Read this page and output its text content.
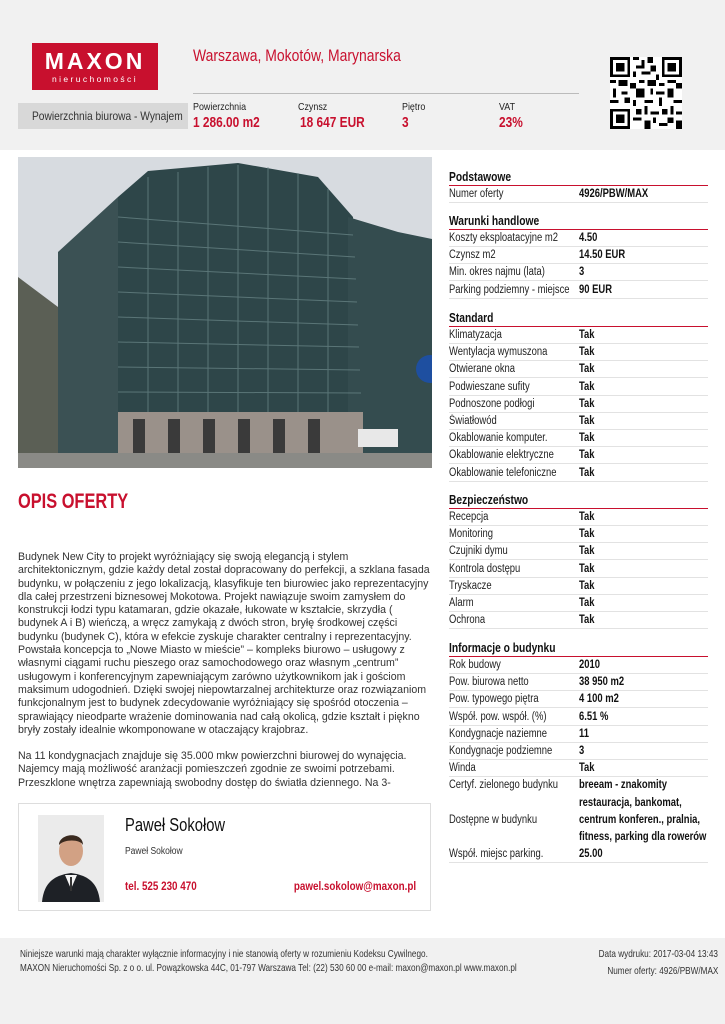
MAXON
nieruchomości
Warszawa, Mokotów, Marynarska
Powierzchnia biurowa - Wynajem
Powierzchnia
1 286.00 m2
Czynsz
18 647 EUR
Piętro
3
VAT
23%
OPIS OFERTY

Budynek New City to projekt wyróżniający się swoją elegancją i stylem architektonicznym, gdzie każdy detal został dopracowany do perfekcji, a szklana fasada budynku, w połączeniu z jego lokalizacją, klasyfikuje ten biurowiec jako reprezentacyjny dla całej przestrzeni biznesowej Mokotowa. Projekt nawiązuje swoim zamysłem do konstrukcji łodzi typu katamaran, gdzie okazałe, łukowate w kształcie, skrzydła ( budynek A i B) wieńczą, a wręcz zamykają z dwóch stron, bryłę środkowej części budynku (budynek C), która w efekcie zyskuje charakter centralny i reprezentacyjny. Powstała koncepcja to „Nowe Miasto w mieście” – kompleks biurowo – usługowy z własnymi ciągami ruchu pieszego oraz samochodowego oraz własnym „centrum” usługowym i konferencyjnym zapewniającym zarówno użytkownikom jak i gościom maksimum udogodnień. Dzięki swojej niepowtarzalnej architekturze oraz rozwiązaniom funkcjonalnym jest to budynek zdecydowanie wyróżniający się spośród otoczenia – sprawiający nieodparte wrażenie dominowania nad całą okolicą, gdzie kształt i piękno bryły zostały idealnie wkomponowane w otaczający krajobraz.

Na 11 kondygnacjach znajduje się 35.000 mkw powierzchni biurowej do wynajęcia. Najemcy mają możliwość aranżacji pomieszczeń zgodnie ze swoimi potrzebami. Przeszklone wnętrza zapewniają swobodny dostęp do światła dziennego. Na 3-

Paweł Sokołow
Paweł Sokołow
tel. 525 230 470	pawel.sokolow@maxon.pl
Podstawowe
Numer oferty	4926/PBW/MAX
Warunki handlowe
Koszty eksploatacyjne m2 4.50
Czynsz m2	14.50 EUR
Min. okres najmu (lata)	3
Parking podziemny - miejsce 90 EUR
Standard
Klimatyzacja	Tak
Wentylacja wymuszona	Tak
Otwierane okna	Tak
Podwieszane sufity	Tak
Podnoszone podłogi	Tak
Światłowód	Tak
Okablowanie komputer.	Tak
Okablowanie elektryczne Tak
Okablowanie telefoniczne Tak
Bezpieczeństwo
Recepcja	Tak
Monitoring	Tak
Czujniki dymu	Tak
Kontrola dostępu	Tak
Tryskacze	Tak
Alarm	Tak
Ochrona	Tak
Informacje o budynku
Rok budowy	2010
Pow. biurowa netto	38 950 m2
Pow. typowego piętra	4 100 m2
Współ. pow. współ. (%)	6.51 %
Kondygnacje naziemne	11
Kondygnacje podziemne 3
Winda	Tak
Certyf. zielonego budynku breeam - znakomity
restauracja, bankomat,
Dostępne w budynku	centrum konferen., pralnia,
fitness, parking dla rowerów
Współ. miejsc parking.	25.00
Niniejsze warunki mają charakter wyłącznie informacyjny i nie stanowią oferty w rozumieniu Kodeksu Cywilnego.
MAXON Nieruchomości Sp. z o o. ul. Powązkowska 44C, 01-797 Warszawa Tel: (22) 530 60 00 e-mail: maxon@maxon.pl www.maxon.pl
Data wydruku: 2017-03-04 13:43
Numer oferty: 4926/PBW/MAX
